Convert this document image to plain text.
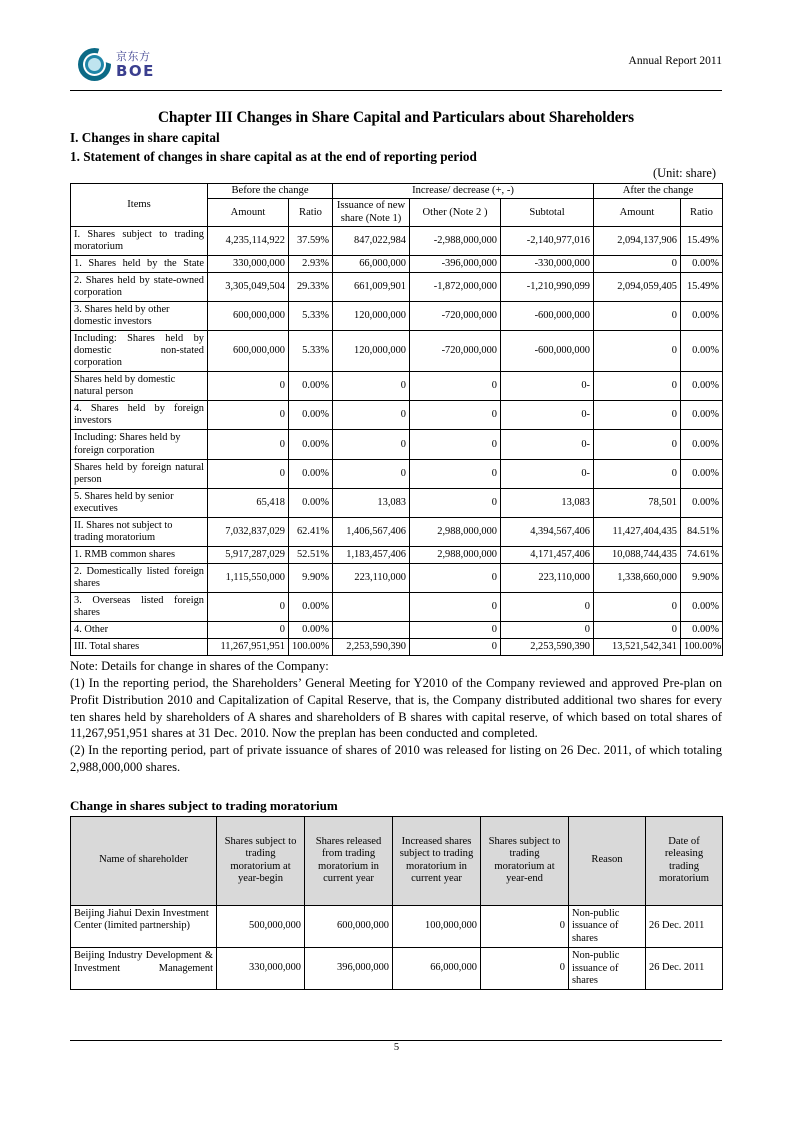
京东方
BOE
Annual Report 2011
Chapter III Changes in Share Capital and Particulars about Shareholders
I. Changes in share capital
1. Statement of changes in share capital as at the end of reporting period
(Unit: share)
Items	Before the change		Increase/ decrease (+, -)			After the change	
	Amount	Ratio	Issuance of new share (Note 1)	Other (Note 2 )	Subtotal	Amount	Ratio
I. Shares subject to trading moratorium	4,235,114,922	37.59%	847,022,984	-2,988,000,000	-2,140,977,016	2,094,137,906	15.49%
1. Shares held by the State	330,000,000	2.93%	66,000,000	-396,000,000	-330,000,000	0	0.00%
2. Shares held by state-owned corporation	3,305,049,504	29.33%	661,009,901	-1,872,000,000	-1,210,990,099	2,094,059,405	15.49%
3. Shares held by other domestic investors	600,000,000	5.33%	120,000,000	-720,000,000	-600,000,000	0	0.00%
Including: Shares held by domestic non-stated corporation	600,000,000	5.33%	120,000,000	-720,000,000	-600,000,000	0	0.00%
Shares held by domestic natural person	0	0.00%	0	0	0-	0	0.00%
4. Shares held by foreign investors	0	0.00%	0	0	0-	0	0.00%
Including: Shares held by foreign corporation	0	0.00%	0	0	0-	0	0.00%
Shares held by foreign natural person	0	0.00%	0	0	0-	0	0.00%
5. Shares held by senior executives	65,418	0.00%	13,083	0	13,083	78,501	0.00%
II. Shares not subject to trading moratorium	7,032,837,029	62.41%	1,406,567,406	2,988,000,000	4,394,567,406	11,427,404,435	84.51%
1. RMB common shares	5,917,287,029	52.51%	1,183,457,406	2,988,000,000	4,171,457,406	10,088,744,435	74.61%
2. Domestically listed foreign shares	1,115,550,000	9.90%	223,110,000	0	223,110,000	1,338,660,000	9.90%
3. Overseas listed foreign shares	0	0.00%		0	0	0	0.00%
4. Other	0	0.00%		0	0	0	0.00%
III. Total shares	11,267,951,951	100.00%	2,253,590,390	0	2,253,590,390	13,521,542,341	100.00%

Note: Details for change in shares of the Company:

(1) In the reporting period, the Shareholders’ General Meeting for Y2010 of the Company reviewed and approved Pre-plan on Profit Distribution 2010 and Capitalization of Capital Reserve, that is, the Company distributed additional two shares for every ten shares held by shareholders of A shares and shareholders of B shares with capital reserve, of which based on total shares of 11,267,951,951 shares at 31 Dec. 2010. Now the preplan has been conducted and completed.

(2) In the reporting period, part of private issuance of shares of 2010 was released for listing on 26 Dec. 2011, of which totaling 2,988,000,000 shares.

Change in shares subject to trading moratorium
Name of shareholder	Shares subject to trading moratorium at year-begin	Shares released from trading moratorium in current year	Increased shares subject to trading moratorium in current year	Shares subject to trading moratorium at year-end	Reason	Date of releasing trading moratorium
Beijing Jiahui Dexin Investment Center (limited partnership)	500,000,000	600,000,000	100,000,000	0	Non-public issuance of shares	26 Dec. 2011
Beijing Industry Development & Investment Management	330,000,000	396,000,000	66,000,000	0	Non-public issuance of shares	26 Dec. 2011
5
